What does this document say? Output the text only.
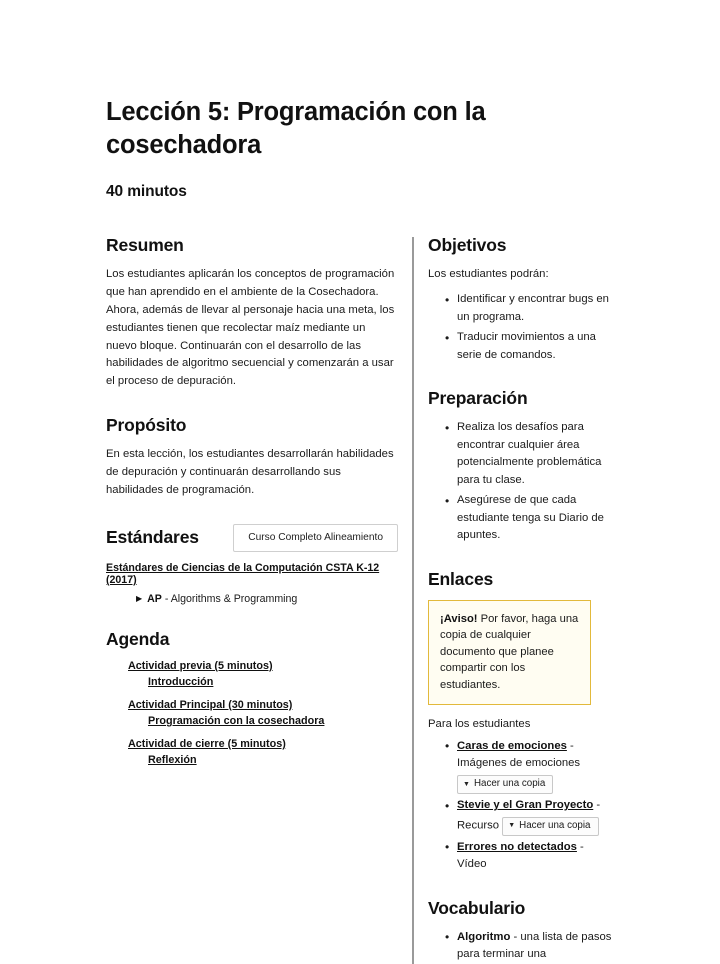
Lección 5: Programación con la cosechadora
40 minutos
Resumen

Los estudiantes aplicarán los conceptos de programación que han aprendido en el ambiente de la Cosechadora. Ahora, además de llevar al personaje hacia una meta, los estudiantes tienen que recolectar maíz mediante un nuevo bloque. Continuarán con el desarrollo de las habilidades de algoritmo secuencial y comenzarán a usar el proceso de depuración.

Propósito

En esta lección, los estudiantes desarrollarán habilidades de depuración y continuarán desarrollando sus habilidades de programación.

Estándares	Curso Completo Alineamiento
Estándares de Ciencias de la Computación CSTA K-12 (2017)
▶ AP - Algorithms & Programming
Agenda
Actividad previa (5 minutos)
Introducción
Actividad Principal (30 minutos)
Programación con la cosechadora
Actividad de cierre (5 minutos)
Reflexión
Objetivos

Los estudiantes podrán:

• Identificar y encontrar bugs en un programa.
• Traducir movimientos a una serie de comandos.
Preparación
• Realiza los desafíos para encontrar cualquier área potencialmente problemática para tu clase.
• Asegúrese de que cada estudiante tenga su Diario de apuntes.
Enlaces

¡Aviso! Por favor, haga una copia de cualquier documento que planee compartir con los estudiantes.

Para los estudiantes

• Caras de emociones - Imágenes de emociones

▼ Hacer una copia
• Stevie y el Gran Proyecto -
Recurso ▼ Hacer una copia
• Errores no detectados -
Vídeo
Vocabulario
• Algoritmo - una lista de pasos para terminar una
